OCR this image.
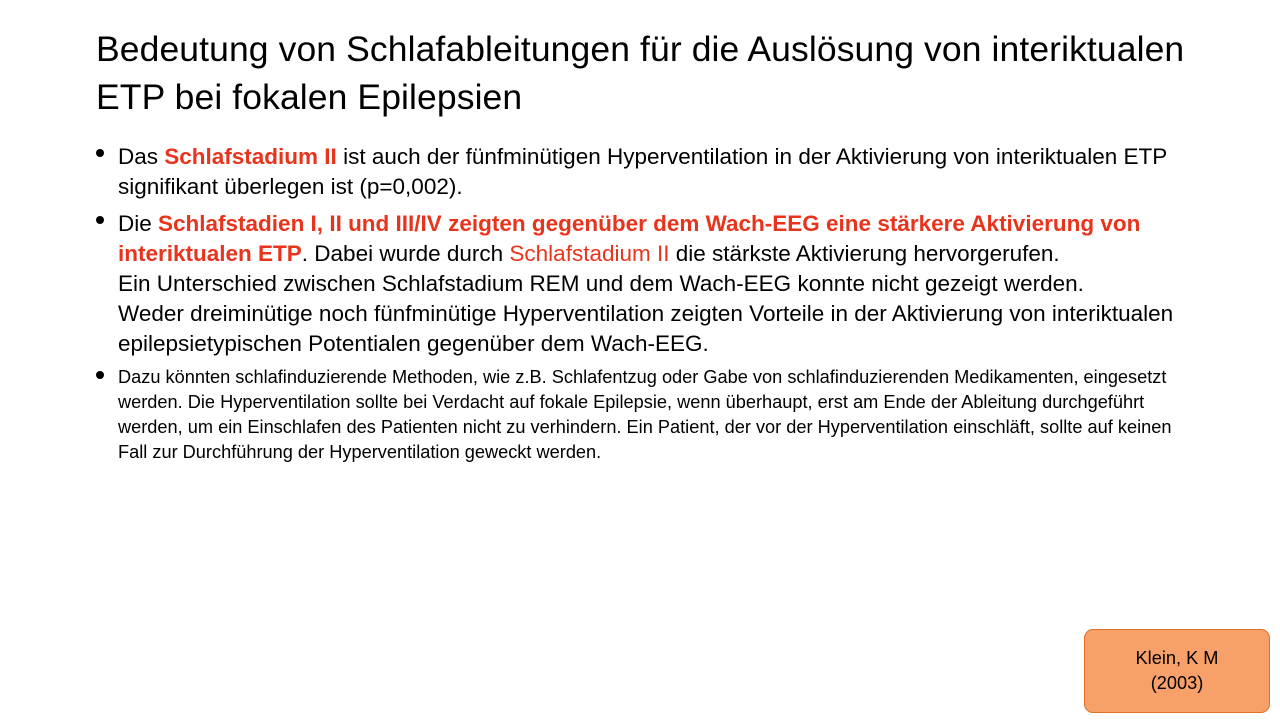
Bedeutung von Schlafableitungen für die Auslösung von interiktualen ETP bei fokalen Epilepsien
Das Schlafstadium II ist auch der fünfminütigen Hyperventilation in der Aktivierung von interiktualen ETP signifikant überlegen ist (p=0,002).
Die Schlafstadien I, II und III/IV zeigten gegenüber dem Wach-EEG eine stärkere Aktivierung von interiktualen ETP. Dabei wurde durch Schlafstadium II die stärkste Aktivierung hervorgerufen.
Ein Unterschied zwischen Schlafstadium REM und dem Wach-EEG konnte nicht gezeigt werden.
Weder dreiminütige noch fünfminütige Hyperventilation zeigten Vorteile in der Aktivierung von interiktualen epilepsietypischen Potentialen gegenüber dem Wach-EEG.
Dazu könnten schlafinduzierende Methoden, wie z.B. Schlafentzug oder Gabe von schlafinduzierenden Medikamenten, eingesetzt werden. Die Hyperventilation sollte bei Verdacht auf fokale Epilepsie, wenn überhaupt, erst am Ende der Ableitung durchgeführt werden, um ein Einschlafen des Patienten nicht zu verhindern. Ein Patient, der vor der Hyperventilation einschläft, sollte auf keinen Fall zur Durchführung der Hyperventilation geweckt werden.
Klein, K M
(2003)
